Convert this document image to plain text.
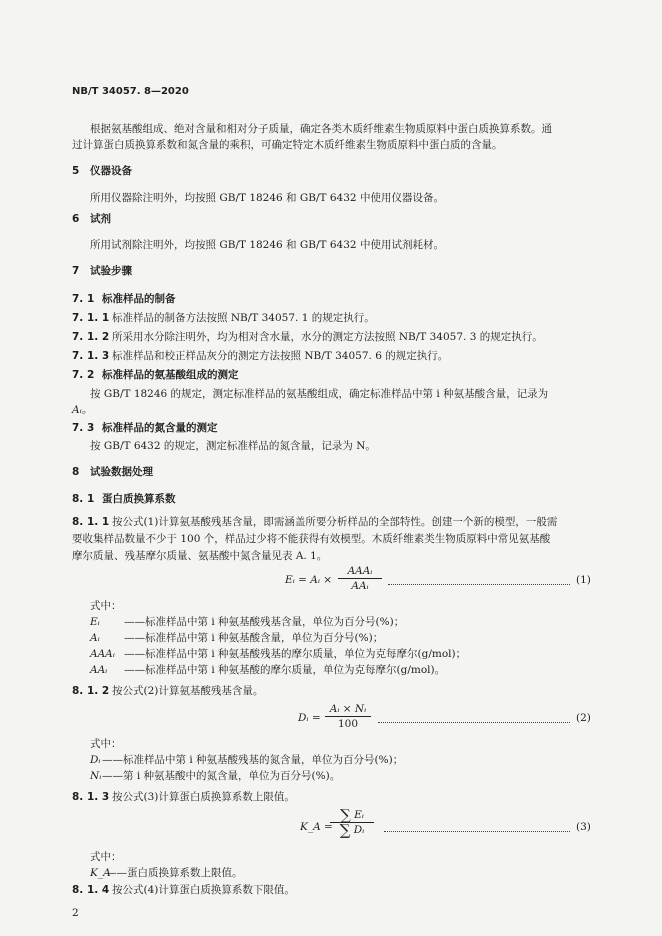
NB/T 34057. 8—2020
根据氨基酸组成、绝对含量和相对分子质量，确定各类木质纤维素生物质原料中蛋白质换算系数。通
过计算蛋白质换算系数和氮含量的乘积，可确定特定木质纤维素生物质原料中蛋白质的含量。
5 仪器设备
所用仪器除注明外，均按照 GB/T 18246 和 GB/T 6432 中使用仪器设备。
6 试剂
所用试剂除注明外，均按照 GB/T 18246 和 GB/T 6432 中使用试剂耗材。
7 试验步骤
7. 1 标准样品的制备
7. 1. 1 标准样品的制备方法按照 NB/T 34057. 1 的规定执行。
7. 1. 2 所采用水分除注明外，均为相对含水量，水分的测定方法按照 NB/T 34057. 3 的规定执行。
7. 1. 3 标准样品和校正样品灰分的测定方法按照 NB/T 34057. 6 的规定执行。
7. 2 标准样品的氨基酸组成的测定
按 GB/T 18246 的规定，测定标准样品的氨基酸组成，确定标准样品中第 i 种氨基酸含量，记录为
Aᵢ。
7. 3 标准样品的氮含量的测定
按 GB/T 6432 的规定，测定标准样品的氮含量，记录为 N。
8 试验数据处理
8. 1 蛋白质换算系数
8. 1. 1 按公式(1)计算氨基酸残基含量，即需涵盖所要分析样品的全部特性。创建一个新的模型，一般需
要收集样品数量不少于 100 个，样品过少将不能获得有效模型。木质纤维素类生物质原料中常见氨基酸
摩尔质量、残基摩尔质量、氨基酸中氮含量见表 A. 1。
Eᵢ = Aᵢ ×
AAAᵢ
AAᵢ	(1)
式中：
Eᵢ ——标准样品中第 i 种氨基酸残基含量，单位为百分号(%)；
Aᵢ ——标准样品中第 i 种氨基酸含量，单位为百分号(%)；
AAAᵢ ——标准样品中第 i 种氨基酸残基的摩尔质量，单位为克每摩尔(g/mol)；
AAᵢ ——标准样品中第 i 种氨基酸的摩尔质量，单位为克每摩尔(g/mol)。
8. 1. 2 按公式(2)计算氨基酸残基含量。
Dᵢ = $\frac{\text{Aᵢ × Nᵢ}}{100}$	(2)
式中：
Dᵢ ——标准样品中第 i 种氨基酸残基的氮含量，单位为百分号(%)；
Nᵢ ——第 i 种氨基酸中的氮含量，单位为百分号(%)。
8. 1. 3 按公式(3)计算蛋白质换算系数上限值。
K_A =
$\frac{\text{∑ Eᵢ}}{\text{∑ Dᵢ}}$	(3)
式中：
K_A
——蛋白质换算系数上限值。
8. 1. 4 按公式(4)计算蛋白质换算系数下限值。
2
